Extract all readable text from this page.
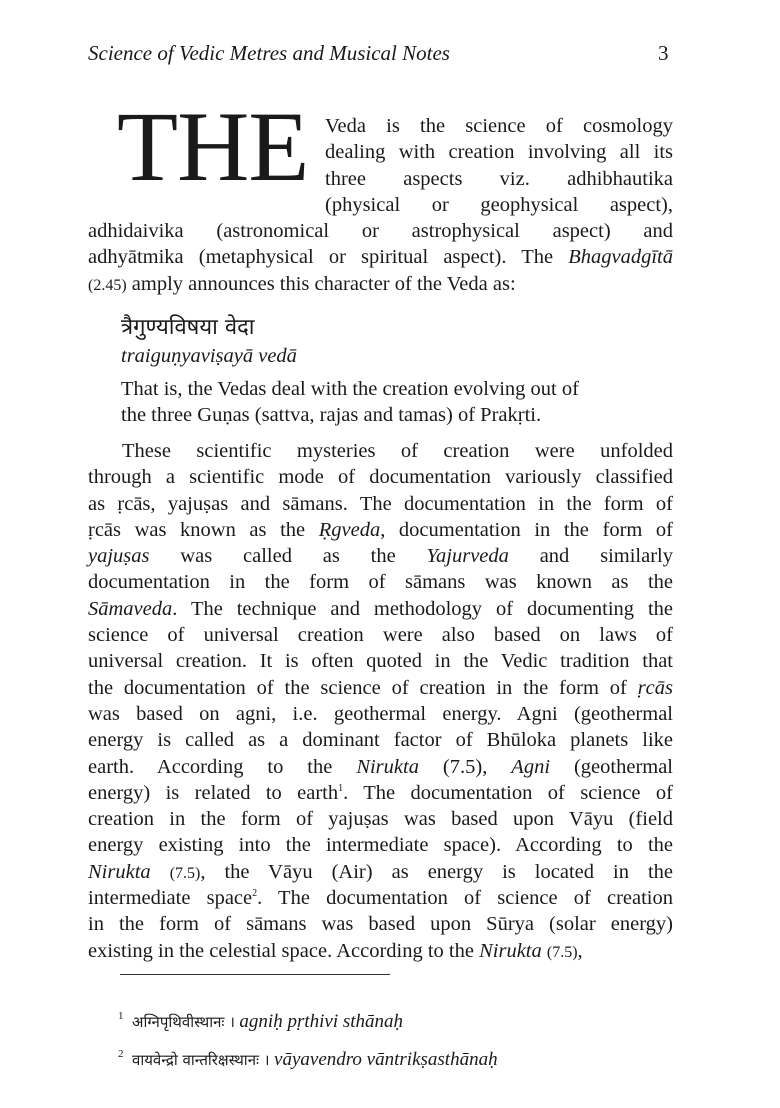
Science of Vedic Metres and Musical Notes	3
THE Veda is the science of cosmology
dealing with creation involving all its
three aspects viz. adhibhautika
(physical or geophysical aspect),
adhidaivika (astronomical or astrophysical aspect) and
adhyātmika (metaphysical or spiritual aspect). The Bhagvadgītā
(2.45) amply announces this character of the Veda as:
त्रैगुण्यविषया वेदा
traiguṇyaviṣayā vedā
That is, the Vedas deal with the creation evolving out of
the three Guṇas (sattva, rajas and tamas) of Prakṛti.
These scientific mysteries of creation were unfolded
through a scientific mode of documentation variously classified
as ṛcās, yajuṣas and sāmans. The documentation in the form of
ṛcās was known as the Ṛgveda, documentation in the form of
yajuṣas was called as the Yajurveda and similarly
documentation in the form of sāmans was known as the
Sāmaveda. The technique and methodology of documenting the
science of universal creation were also based on laws of
universal creation. It is often quoted in the Vedic tradition that
the documentation of the science of creation in the form of ṛcās
was based on agni, i.e. geothermal energy. Agni (geothermal
energy is called as a dominant factor of Bhūloka planets like
earth. According to the Nirukta (7.5), Agni (geothermal
energy) is related to earth$^1$. The documentation of science of
creation in the form of yajuṣas was based upon Vāyu (field
energy existing into the intermediate space). According to the
Nirukta (7.5), the Vāyu (Air) as energy is located in the
intermediate space$^2$. The documentation of science of creation
in the form of sāmans was based upon Sūrya (solar energy)
existing in the celestial space. According to the Nirukta (7.5),
$^1$ अग्निपृथिवीस्थानः । agniḥ pṛthivi sthānaḥ
$^2$ वायवेन्द्रो वान्तरिक्षस्थानः । vāyavendro vāntrikṣasthānaḥ
